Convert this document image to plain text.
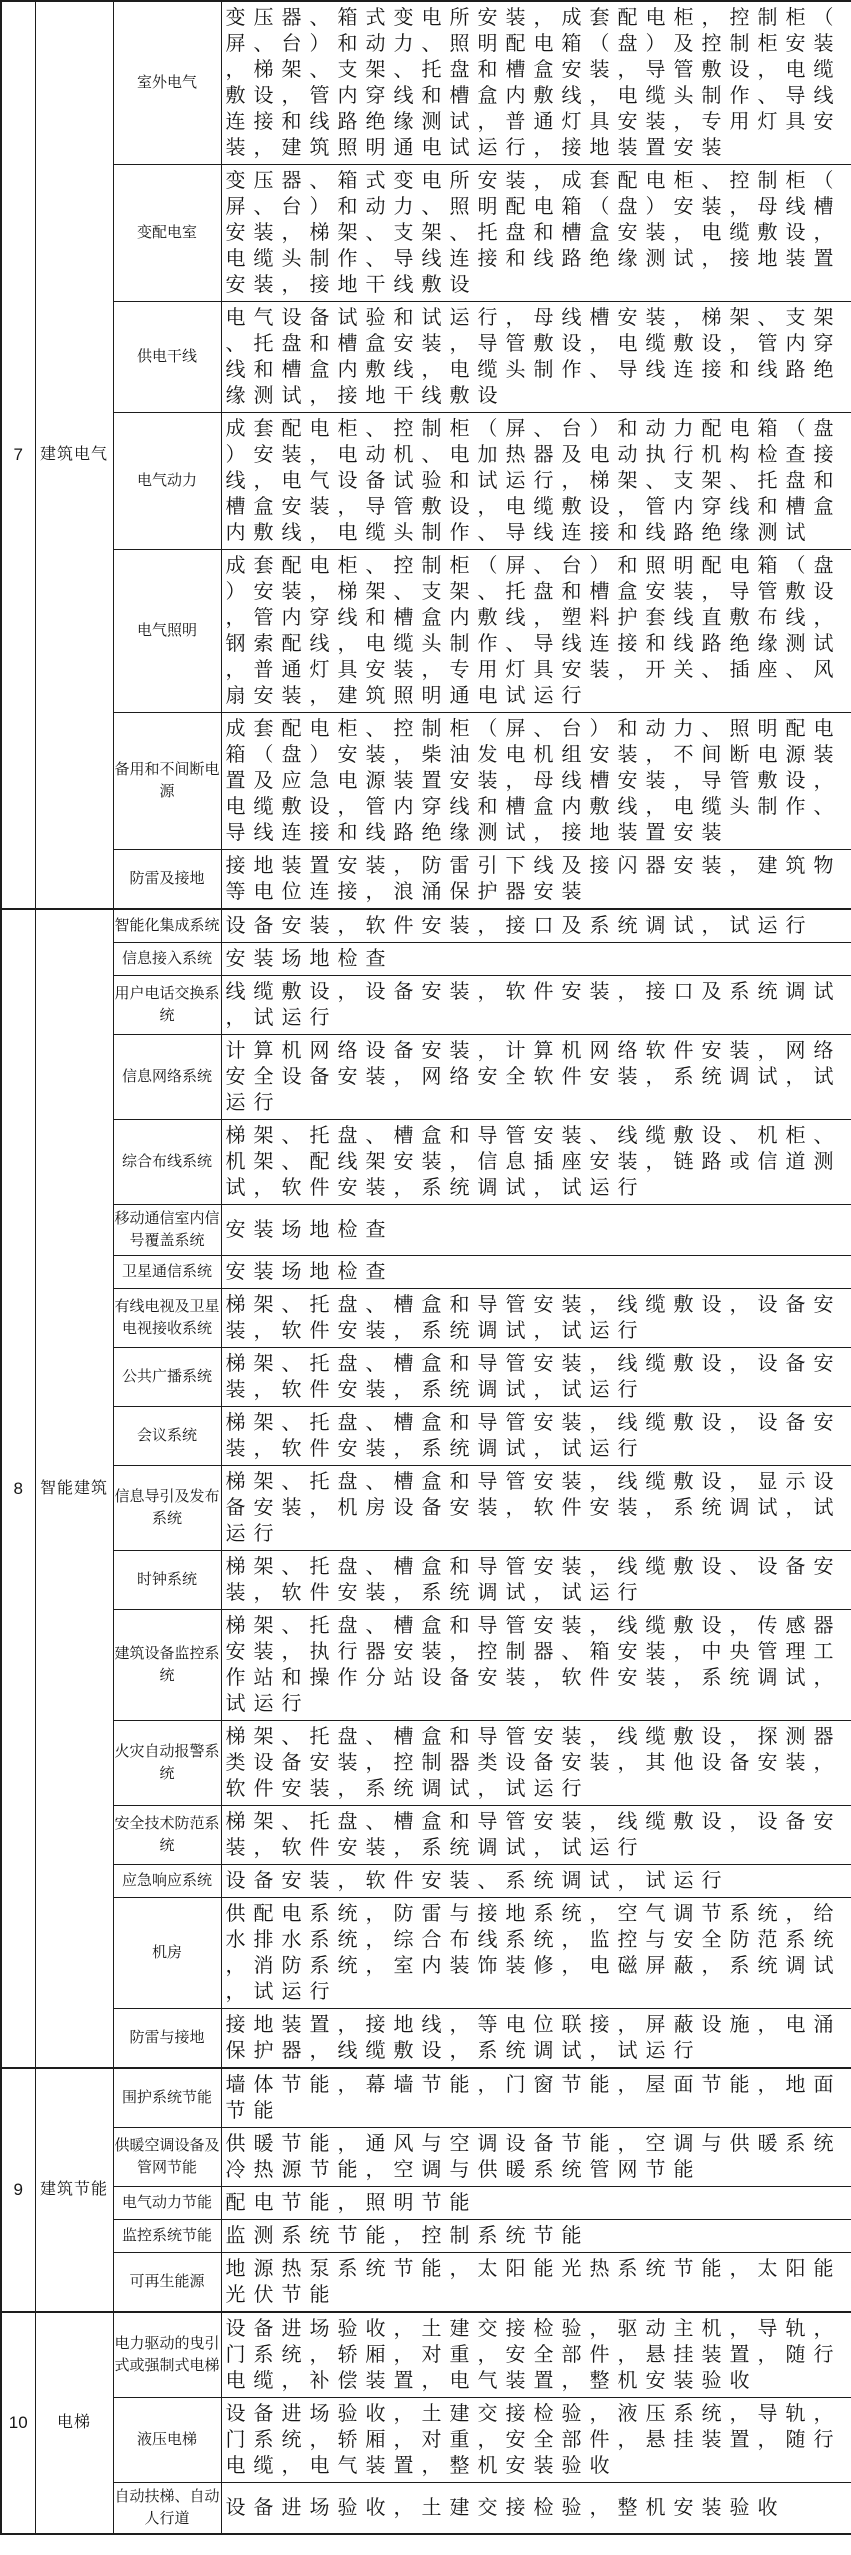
7	建筑电气	室外电气	变压器、箱式变电所安装，成套配电柜，控制柜（屏、台）和动力、照明配电箱（盘）及控制柜安装，梯架、支架、托盘和槽盒安装，导管敷设，电缆敷设，管内穿线和槽盒内敷线，电缆头制作、导线连接和线路绝缘测试，普通灯具安装，专用灯具安装，建筑照明通电试运行，接地装置安装
		变配电室	变压器、箱式变电所安装，成套配电柜、控制柜（屏、台）和动力、照明配电箱（盘）安装，母线槽安装，梯架、支架、托盘和槽盒安装，电缆敷设，电缆头制作、导线连接和线路绝缘测试，接地装置安装，接地干线敷设
		供电干线	电气设备试验和试运行，母线槽安装，梯架、支架、托盘和槽盒安装，导管敷设，电缆敷设，管内穿线和槽盒内敷线，电缆头制作、导线连接和线路绝缘测试，接地干线敷设
		电气动力	成套配电柜、控制柜（屏、台）和动力配电箱（盘）安装，电动机、电加热器及电动执行机构检查接线，电气设备试验和试运行，梯架、支架、托盘和槽盒安装，导管敷设，电缆敷设，管内穿线和槽盒内敷线，电缆头制作、导线连接和线路绝缘测试
		电气照明	成套配电柜、控制柜（屏、台）和照明配电箱（盘）安装，梯架、支架、托盘和槽盒安装，导管敷设，管内穿线和槽盒内敷线，塑料护套线直敷布线，钢索配线，电缆头制作、导线连接和线路绝缘测试，普通灯具安装，专用灯具安装，开关、插座、风扇安装，建筑照明通电试运行
		备用和不间断电源	成套配电柜、控制柜（屏、台）和动力、照明配电箱（盘）安装，柴油发电机组安装，不间断电源装置及应急电源装置安装，母线槽安装，导管敷设，电缆敷设，管内穿线和槽盒内敷线，电缆头制作、导线连接和线路绝缘测试，接地装置安装
		防雷及接地	接地装置安装，防雷引下线及接闪器安装，建筑物等电位连接，浪涌保护器安装
8	智能建筑	智能化集成系统	设备安装，软件安装，接口及系统调试，试运行
		信息接入系统	安装场地检查
		用户电话交换系统	线缆敷设，设备安装，软件安装，接口及系统调试，试运行
		信息网络系统	计算机网络设备安装，计算机网络软件安装，网络安全设备安装，网络安全软件安装，系统调试，试运行
		综合布线系统	梯架、托盘、槽盒和导管安装、线缆敷设、机柜、机架、配线架安装，信息插座安装，链路或信道测试，软件安装，系统调试，试运行
		移动通信室内信号覆盖系统	安装场地检查
		卫星通信系统	安装场地检查
		有线电视及卫星电视接收系统	梯架、托盘、槽盒和导管安装，线缆敷设，设备安装，软件安装，系统调试，试运行
		公共广播系统	梯架、托盘、槽盒和导管安装，线缆敷设，设备安装，软件安装，系统调试，试运行
		会议系统	梯架、托盘、槽盒和导管安装，线缆敷设，设备安装，软件安装，系统调试，试运行
		信息导引及发布系统	梯架、托盘、槽盒和导管安装，线缆敷设，显示设备安装，机房设备安装，软件安装，系统调试，试运行
		时钟系统	梯架、托盘、槽盒和导管安装，线缆敷设、设备安装，软件安装，系统调试，试运行
		建筑设备监控系统	梯架、托盘、槽盒和导管安装，线缆敷设，传感器安装，执行器安装，控制器、箱安装，中央管理工作站和操作分站设备安装，软件安装，系统调试，试运行
		火灾自动报警系统	梯架、托盘、槽盒和导管安装，线缆敷设，探测器类设备安装，控制器类设备安装，其他设备安装，软件安装，系统调试，试运行
		安全技术防范系统	梯架、托盘、槽盒和导管安装，线缆敷设，设备安装，软件安装，系统调试，试运行
		应急响应系统	设备安装，软件安装、系统调试，试运行
		机房	供配电系统，防雷与接地系统，空气调节系统，给水排水系统，综合布线系统，监控与安全防范系统，消防系统，室内装饰装修，电磁屏蔽，系统调试，试运行
		防雷与接地	接地装置，接地线，等电位联接，屏蔽设施，电涌保护器，线缆敷设，系统调试，试运行
9	建筑节能	围护系统节能	墙体节能，幕墙节能，门窗节能，屋面节能，地面节能
		供暖空调设备及管网节能	供暖节能，通风与空调设备节能，空调与供暖系统冷热源节能，空调与供暖系统管网节能
		电气动力节能	配电节能，照明节能
		监控系统节能	监测系统节能，控制系统节能
		可再生能源	地源热泵系统节能，太阳能光热系统节能，太阳能光伏节能
10	电梯	电力驱动的曳引式或强制式电梯	设备进场验收，土建交接检验，驱动主机，导轨，门系统，轿厢，对重，安全部件，悬挂装置，随行电缆，补偿装置，电气装置，整机安装验收
		液压电梯	设备进场验收，土建交接检验，液压系统，导轨，门系统，轿厢，对重，安全部件，悬挂装置，随行电缆，电气装置，整机安装验收
		自动扶梯、自动人行道	设备进场验收，土建交接检验，整机安装验收
